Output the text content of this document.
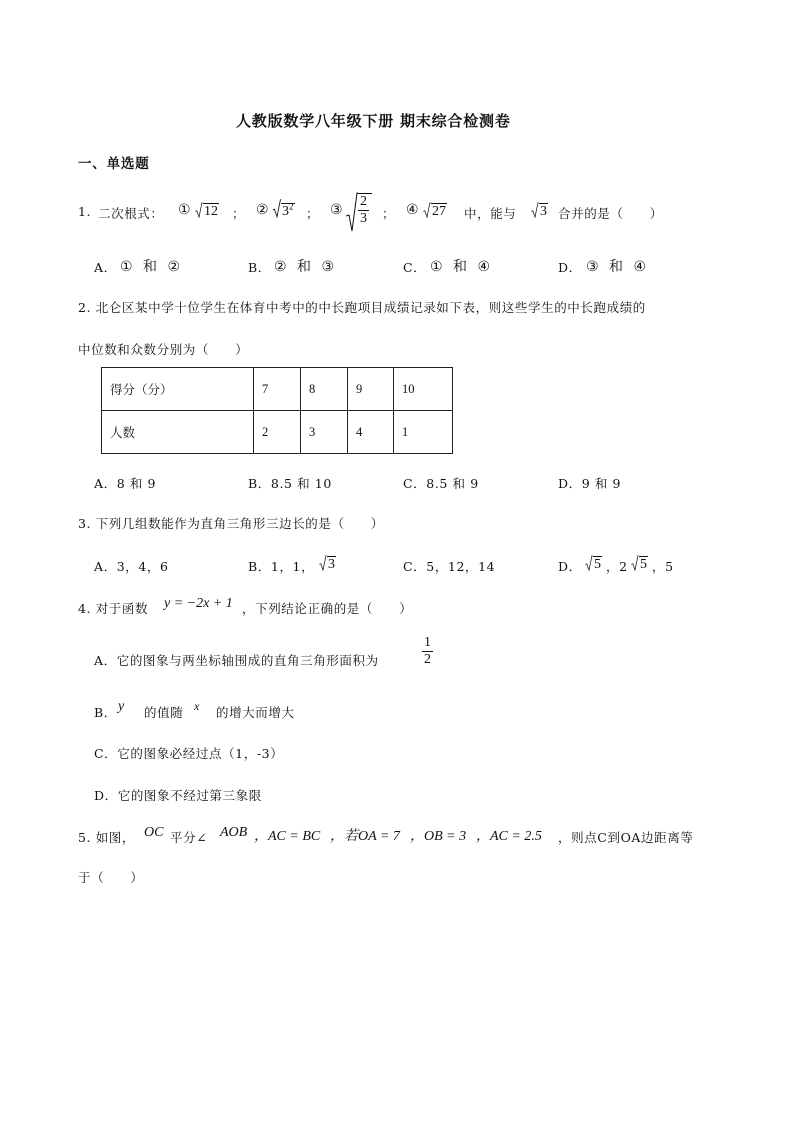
人教版数学八年级下册 期末综合检测卷
一、单选题
1. 二次根式： ① 12 ； ② $3^2$ ； ③ $\frac{2}{3}$ ； ④ 27 中，能与	3 合并的是（　　）
A． ① 和 ②	B． ② 和 ③	C． ① 和 ④	D． ③ 和 ④
2. 北仑区某中学十位学生在体育中考中的中长跑项目成绩记录如下表，则这些学生的中长跑成绩的
中位数和众数分别为（　　）
得分（分）	7	8	9	10
人数	2	3	4	1
A．8 和 9	B．8.5 和 10	C．8.5 和 9	D．9 和 9
3. 下列几组数能作为直角三角形三边长的是（　　）
A．3，4，6	B．1，1， 3	C．5，12，14	D． 5 ，2 5 ，5
4. 对于函数 y = −2x + 1 ，下列结论正确的是（　　）
A．它的图象与两坐标轴围成的直角三角形面积为	$\frac{1}{2}$
B． y 的值随 x 的增大而增大
C．它的图象必经过点（1，-3）
D．它的图象不经过第三象限
5. 如图， OC 平分∠ AOB ，AC = BC ，若OA = 7 ，OB = 3 ，AC = 2.5 ，则点C到OA边距离等
于（　　）
